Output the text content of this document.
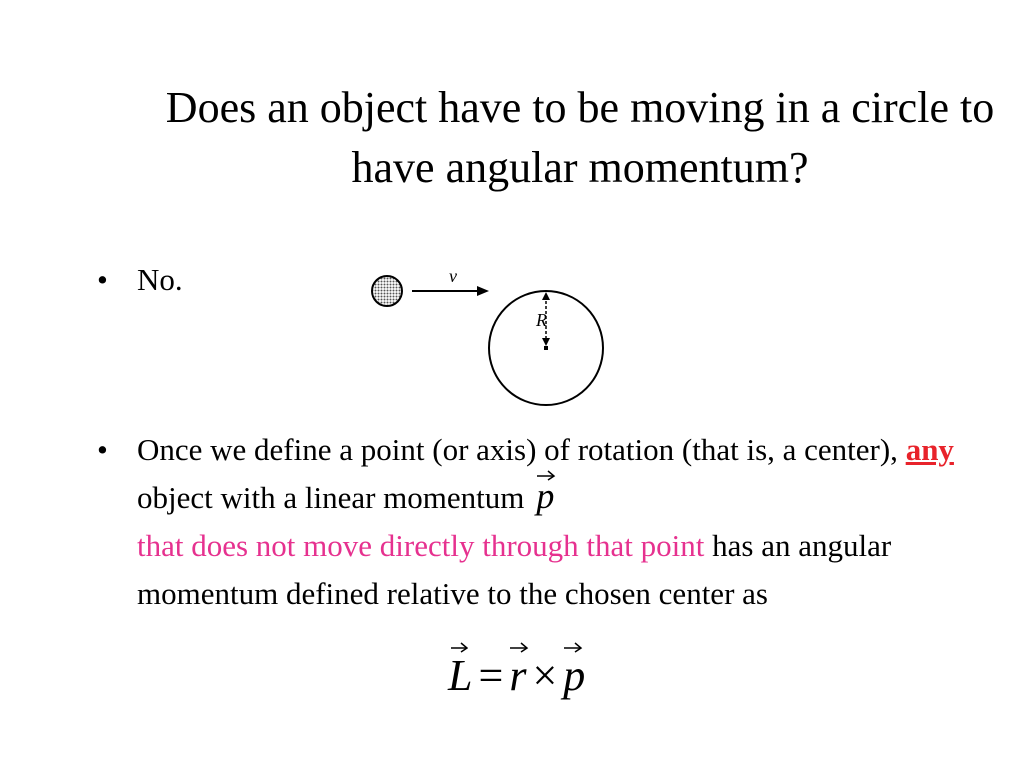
Does an object have to be moving in a circle to have angular momentum?
• No.	v
R
• Once we define a point (or axis) of rotation (that is, a center), any object with a linear momentum p
that does not move directly through that point has an angular momentum defined relative to the chosen center as
L = r × p
